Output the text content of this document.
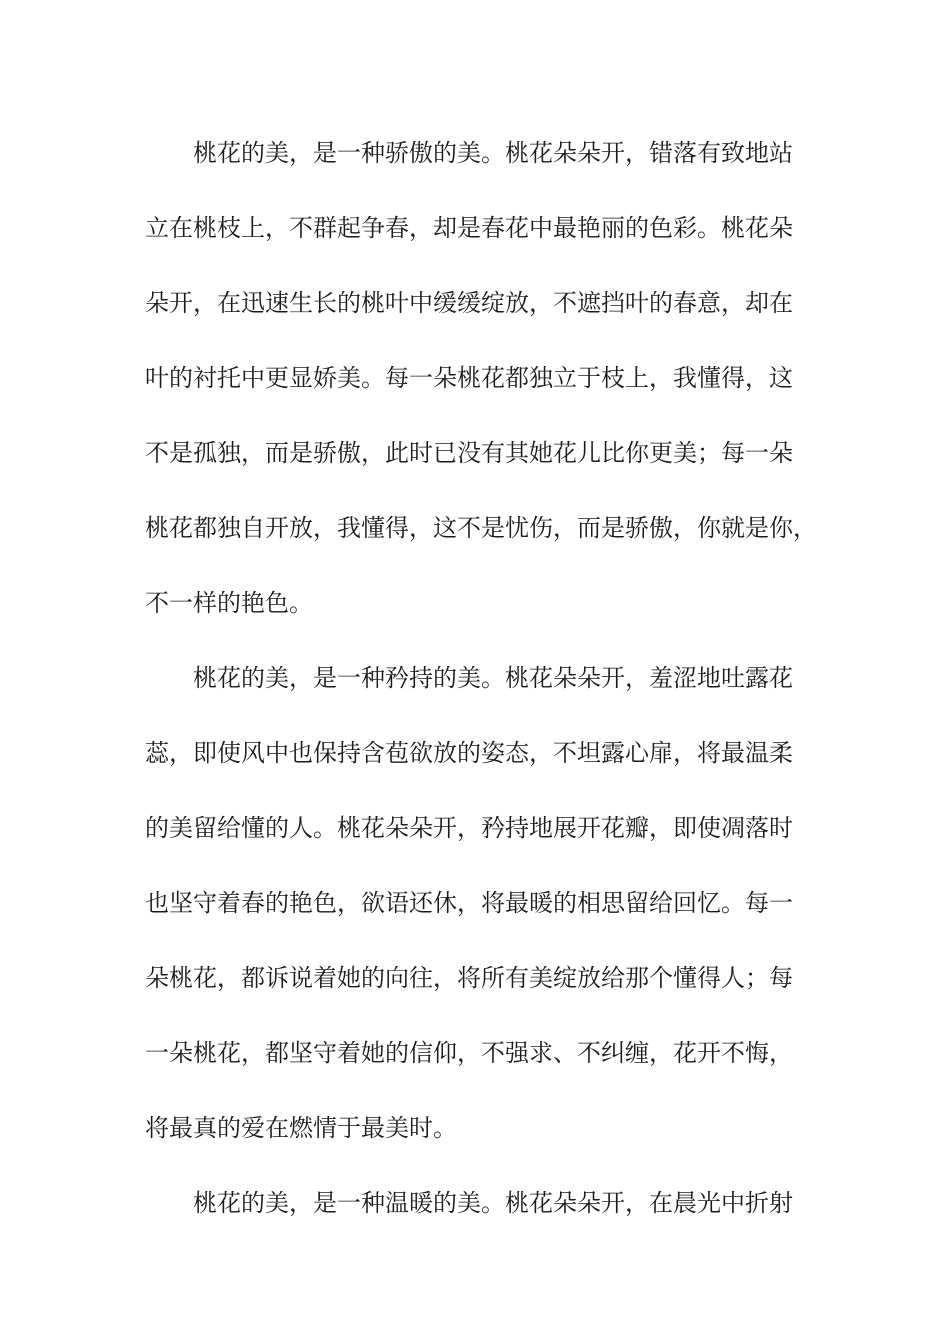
桃花的美，是一种骄傲的美。桃花朵朵开，错落有致地站
立在桃枝上，不群起争春，却是春花中最艳丽的色彩。桃花朵
朵开，在迅速生长的桃叶中缓缓绽放，不遮挡叶的春意，却在
叶的衬托中更显娇美。每一朵桃花都独立于枝上，我懂得，这
不是孤独，而是骄傲，此时已没有其她花儿比你更美；每一朵
桃花都独自开放，我懂得，这不是忧伤，而是骄傲，你就是你，
不一样的艳色。
桃花的美，是一种矜持的美。桃花朵朵开，羞涩地吐露花
蕊，即使风中也保持含苞欲放的姿态，不坦露心扉，将最温柔
的美留给懂的人。桃花朵朵开，矜持地展开花瓣，即使凋落时
也坚守着春的艳色，欲语还休，将最暖的相思留给回忆。每一
朵桃花，都诉说着她的向往，将所有美绽放给那个懂得人；每
一朵桃花，都坚守着她的信仰，不强求、不纠缠，花开不悔，
将最真的爱在燃情于最美时。
桃花的美，是一种温暖的美。桃花朵朵开，在晨光中折射
